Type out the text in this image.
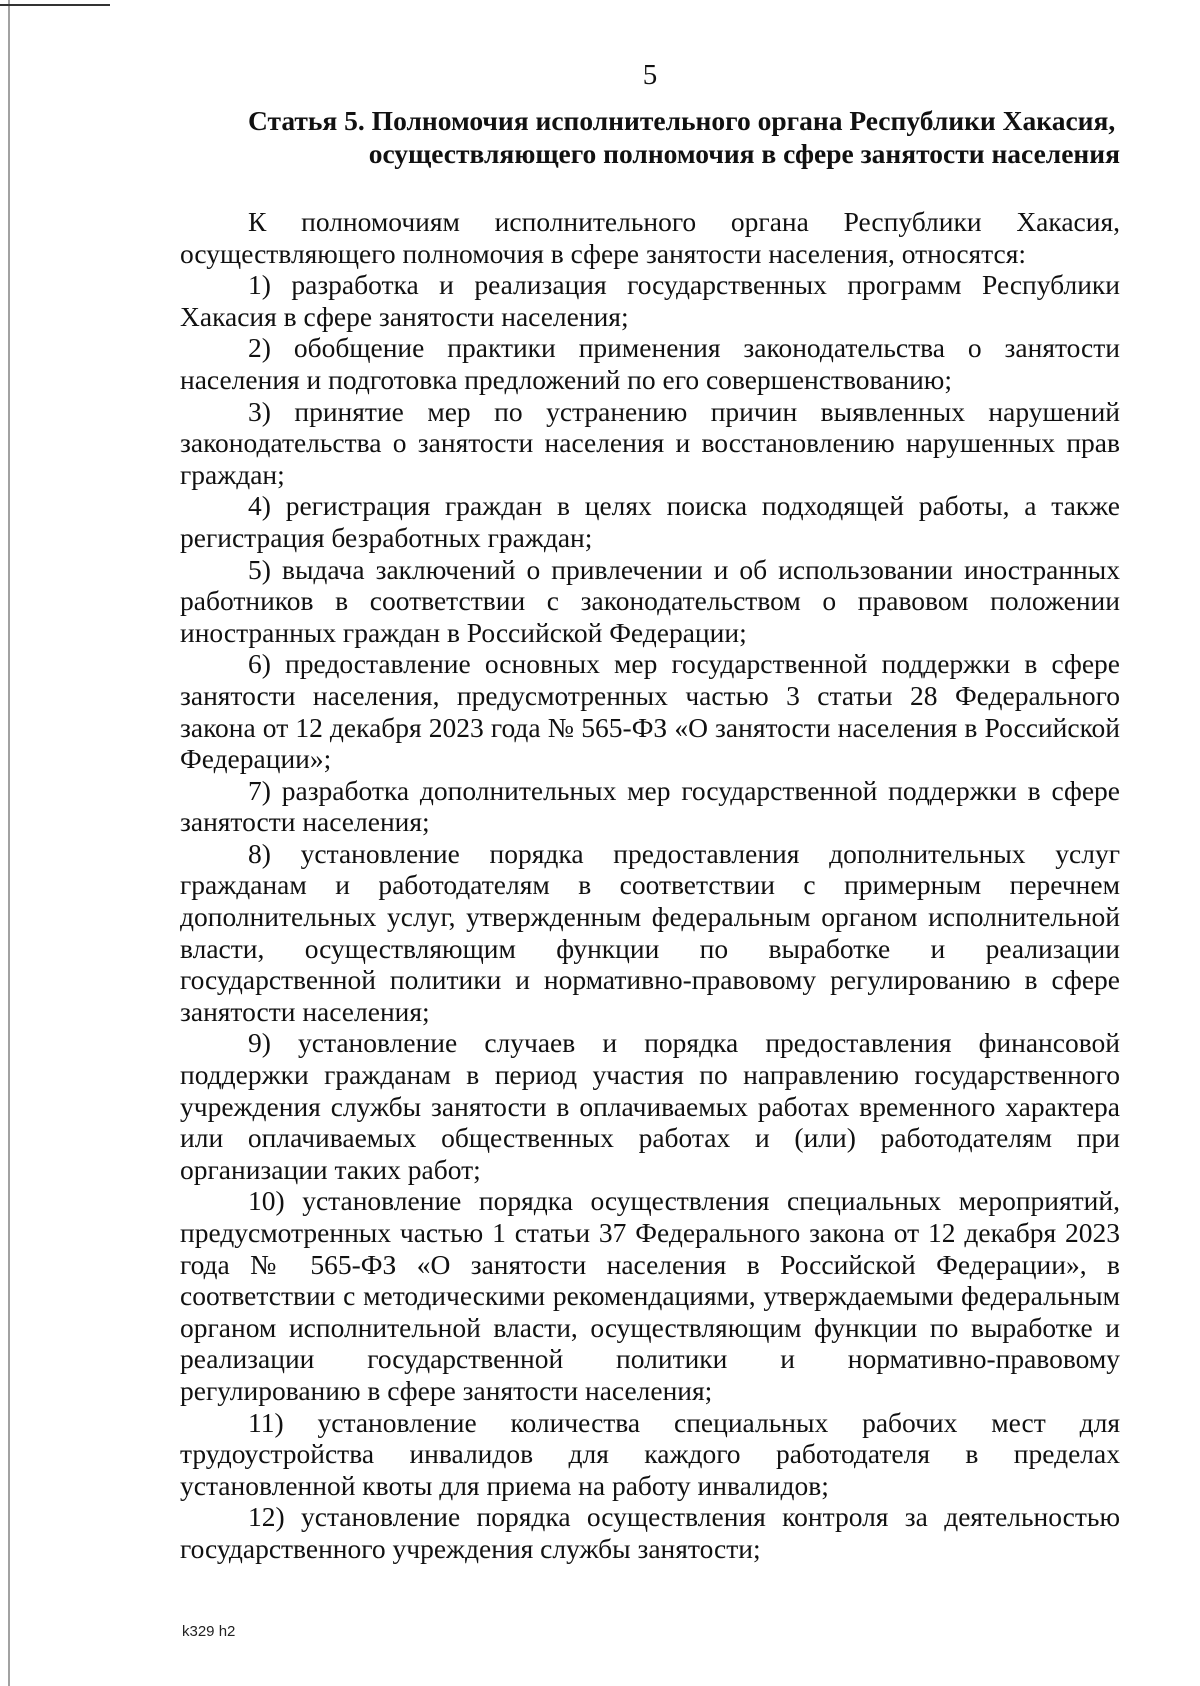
5
Статья 5. Полномочия исполнительного органа Республики Хакасия,
осуществляющего полномочия в сфере занятости населения

К полномочиям исполнительного органа Республики Хакасия, осуществляющего полномочия в сфере занятости населения, относятся:

1) разработка и реализация государственных программ Республики Хакасия в сфере занятости населения;

2) обобщение практики применения законодательства о занятости населения и подготовка предложений по его совершенствованию;

3) принятие мер по устранению причин выявленных нарушений законодательства о занятости населения и восстановлению нарушенных прав граждан;

4) регистрация граждан в целях поиска подходящей работы, а также регистрация безработных граждан;

5) выдача заключений о привлечении и об использовании иностранных работников в соответствии с законодательством о правовом положении иностранных граждан в Российской Федерации;

6) предоставление основных мер государственной поддержки в сфере занятости населения, предусмотренных частью 3 статьи 28 Федерального закона от 12 декабря 2023 года № 565-ФЗ «О занятости населения в Российской Федерации»;

7) разработка дополнительных мер государственной поддержки в сфере занятости населения;

8) установление порядка предоставления дополнительных услуг гражданам и работодателям в соответствии с примерным перечнем дополнительных услуг, утвержденным федеральным органом исполнительной власти, осуществляющим функции по выработке и реализации государственной политики и нормативно-правовому регулированию в сфере занятости населения;

9) установление случаев и порядка предоставления финансовой поддержки гражданам в период участия по направлению государственного учреждения службы занятости в оплачиваемых работах временного характера или оплачиваемых общественных работах и (или) работодателям при организации таких работ;

10) установление порядка осуществления специальных мероприятий, предусмотренных частью 1 статьи 37 Федерального закона от 12 декабря 2023 года № 565-ФЗ «О занятости населения в Российской Федерации», в соответствии с методическими рекомендациями, утверждаемыми федеральным органом исполнительной власти, осуществляющим функции по выработке и реализации государственной политики и нормативно-правовому регулированию в сфере занятости населения;

11) установление количества специальных рабочих мест для трудоустройства инвалидов для каждого работодателя в пределах установленной квоты для приема на работу инвалидов;

12) установление порядка осуществления контроля за деятельностью государственного учреждения службы занятости;

k329 h2
